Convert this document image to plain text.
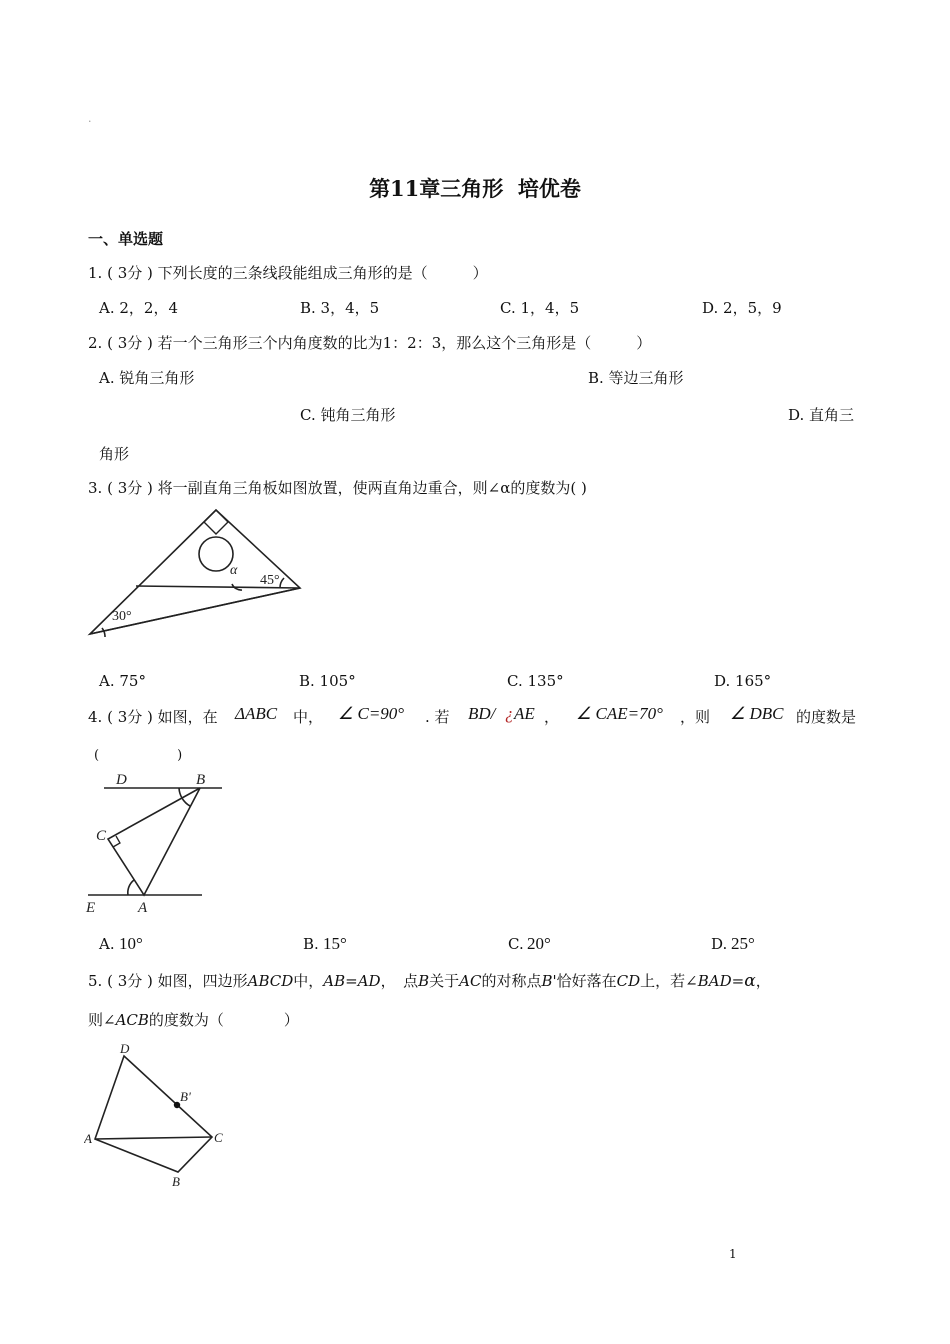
.
第11章三角形  培优卷
一、单选题
1. ( 3分 ) 下列长度的三条线段能组成三角形的是（　　　）
A. 2，2，4	B. 3，4，5	C. 1，4，5	D. 2，5，9
2. ( 3分 ) 若一个三角形三个内角度数的比为1：2：3，那么这个三角形是（　　　）
A. 锐角三角形	B. 等边三角形
C. 钝角三角形	D. 直角三
角形
3. ( 3分 ) 将一副直角三角板如图放置，使两直角边重合，则∠α的度数为( )
α
45°
30°
A. 75°	B. 105°	C. 135°	D. 165°
4. ( 3分 ) 如图，在 ΔABC 中， ∠ C=90° . 若 BD/ ¿ AE ， ∠ CAE=70° ，则 ∠ DBC 的度数是
(　　　　　　)
D	B
C
E	A
A. 10°	B. 15°	C. 20°	D. 25°
5. ( 3分 ) 如图，四边形ABCD中，AB=AD，　点B关于AC的对称点B'恰好落在CD上，若∠BAD=α，
则∠ACB的度数为（　　　　）
D
B'
A	C
B
1
